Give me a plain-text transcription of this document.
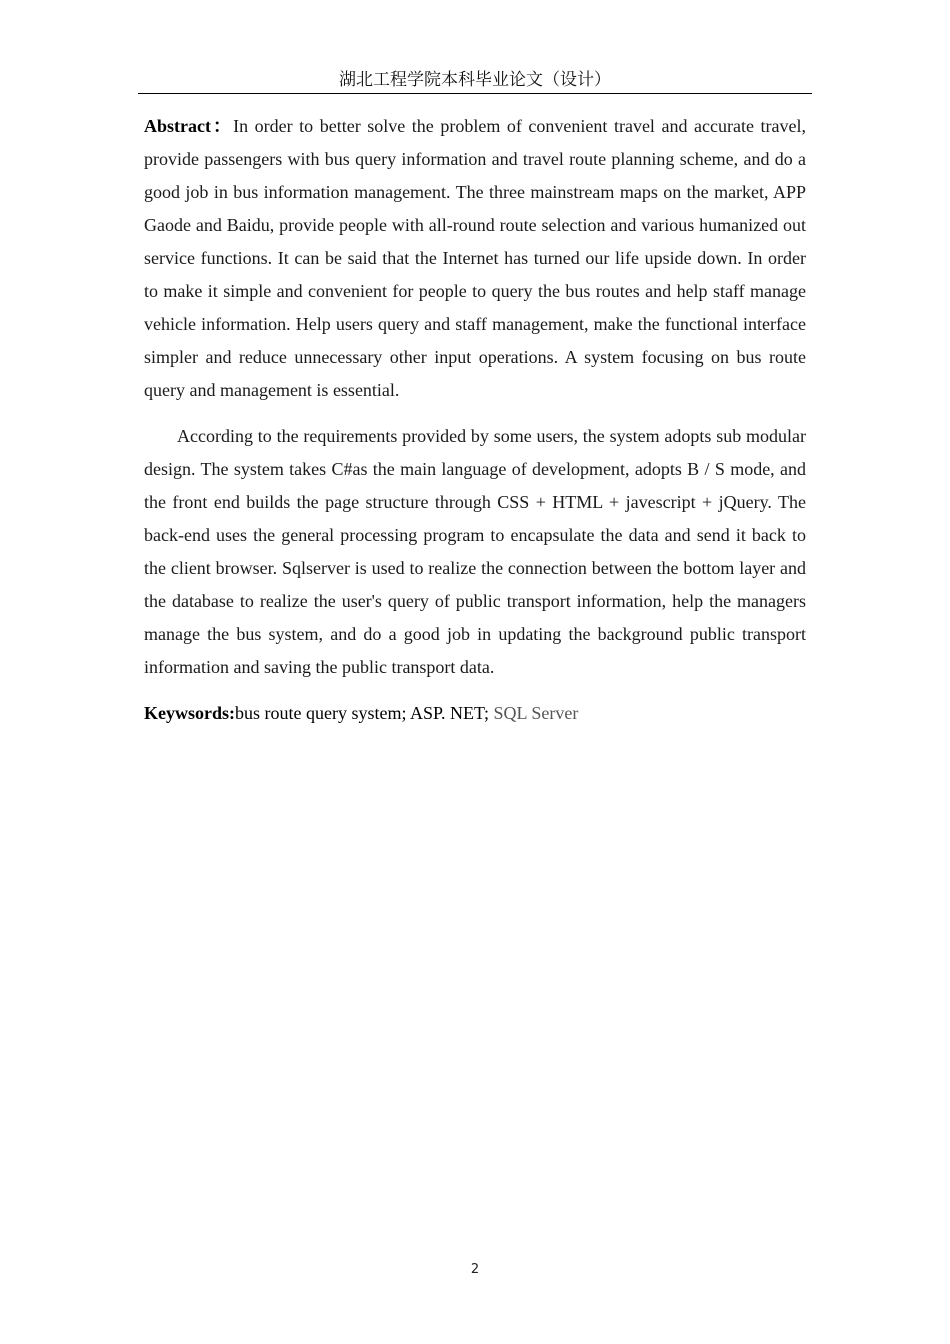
湖北工程学院本科毕业论文（设计）

Abstract：In order to better solve the problem of convenient travel and accurate travel, provide passengers with bus query information and travel route planning scheme, and do a good job in bus information management. The three mainstream maps on the market, APP Gaode and Baidu, provide people with all-round route selection and various humanized out service functions. It can be said that the Internet has turned our life upside down. In order to make it simple and convenient for people to query the bus routes and help staff manage vehicle information. Help users query and staff management, make the functional interface simpler and reduce unnecessary other input operations. A system focusing on bus route query and management is essential.

According to the requirements provided by some users, the system adopts sub modular design. The system takes C#as the main language of development, adopts B / S mode, and the front end builds the page structure through CSS + HTML + javescript + jQuery. The back-end uses the general processing program to encapsulate the data and send it back to the client browser. Sqlserver is used to realize the connection between the bottom layer and the database to realize the user's query of public transport information, help the managers manage the bus system, and do a good job in updating the background public transport information and saving the public transport data.

Keywsords:bus route query system; ASP. NET; SQL Server

2
